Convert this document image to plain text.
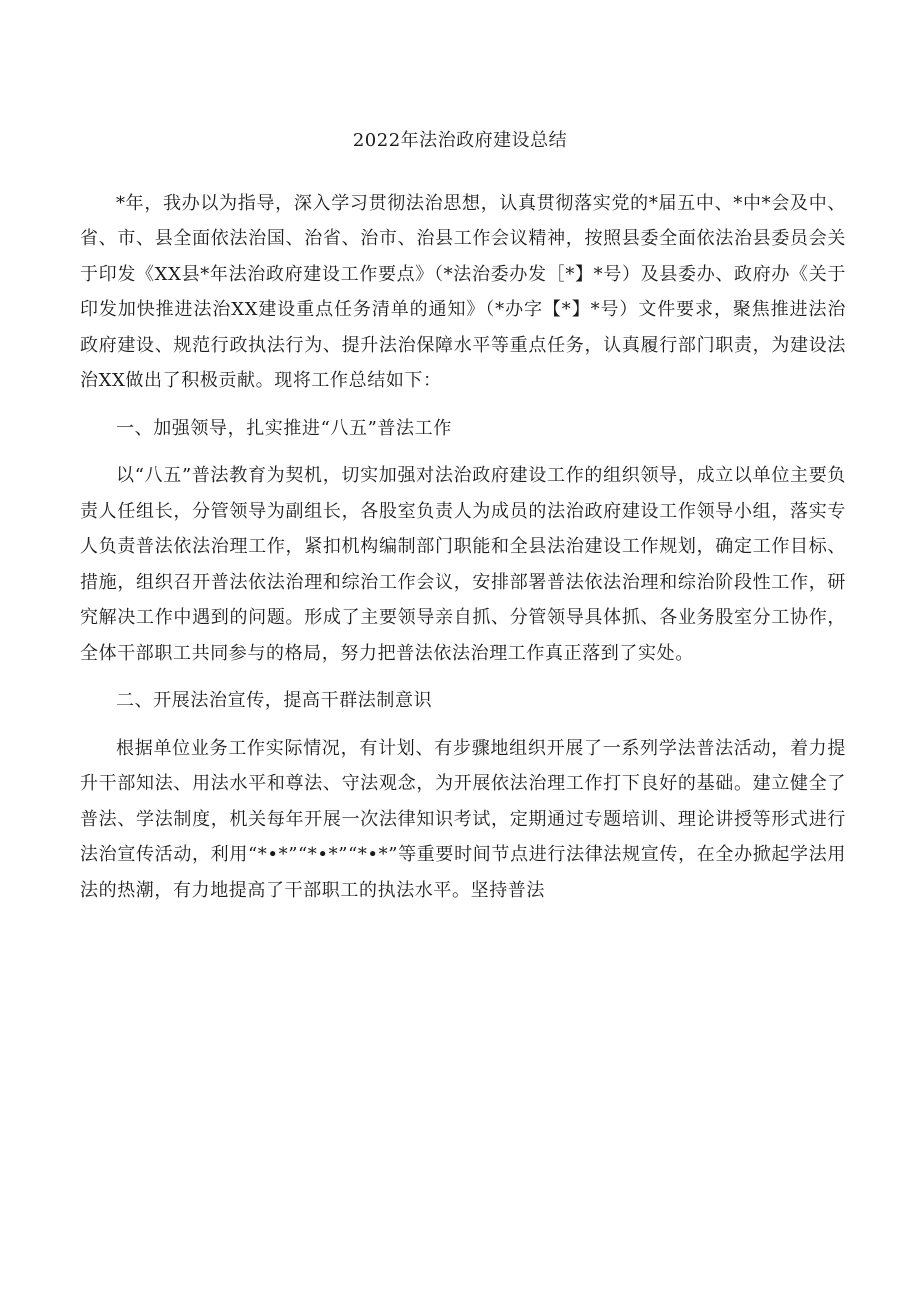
2022年法治政府建设总结

*年，我办以为指导，深入学习贯彻法治思想，认真贯彻落实党的*届五中、*中*会及中、省、市、县全面依法治国、治省、治市、治县工作会议精神，按照县委全面依法治县委员会关于印发《XX县*年法治政府建设工作要点》（*法治委办发［*】*号）及县委办、政府办《关于印发加快推进法治XX建设重点任务清单的通知》（*办字【*】*号）文件要求，聚焦推进法治政府建设、规范行政执法行为、提升法治保障水平等重点任务，认真履行部门职责，为建设法治XX做出了积极贡献。现将工作总结如下：

一、加强领导，扎实推进“八五”普法工作

以“八五”普法教育为契机，切实加强对法治政府建设工作的组织领导，成立以单位主要负责人任组长，分管领导为副组长，各股室负责人为成员的法治政府建设工作领导小组，落实专人负责普法依法治理工作，紧扣机构编制部门职能和全县法治建设工作规划，确定工作目标、措施，组织召开普法依法治理和综治工作会议，安排部署普法依法治理和综治阶段性工作，研究解决工作中遇到的问题。形成了主要领导亲自抓、分管领导具体抓、各业务股室分工协作，全体干部职工共同参与的格局，努力把普法依法治理工作真正落到了实处。

二、开展法治宣传，提高干群法制意识

根据单位业务工作实际情况，有计划、有步骤地组织开展了一系列学法普法活动，着力提升干部知法、用法水平和尊法、守法观念，为开展依法治理工作打下良好的基础。建立健全了普法、学法制度，机关每年开展一次法律知识考试，定期通过专题培训、理论讲授等形式进行法治宣传活动，利用“*•*”“*•*”“*•*”等重要时间节点进行法律法规宣传，在全办掀起学法用法的热潮，有力地提高了干部职工的执法水平。坚持普法
